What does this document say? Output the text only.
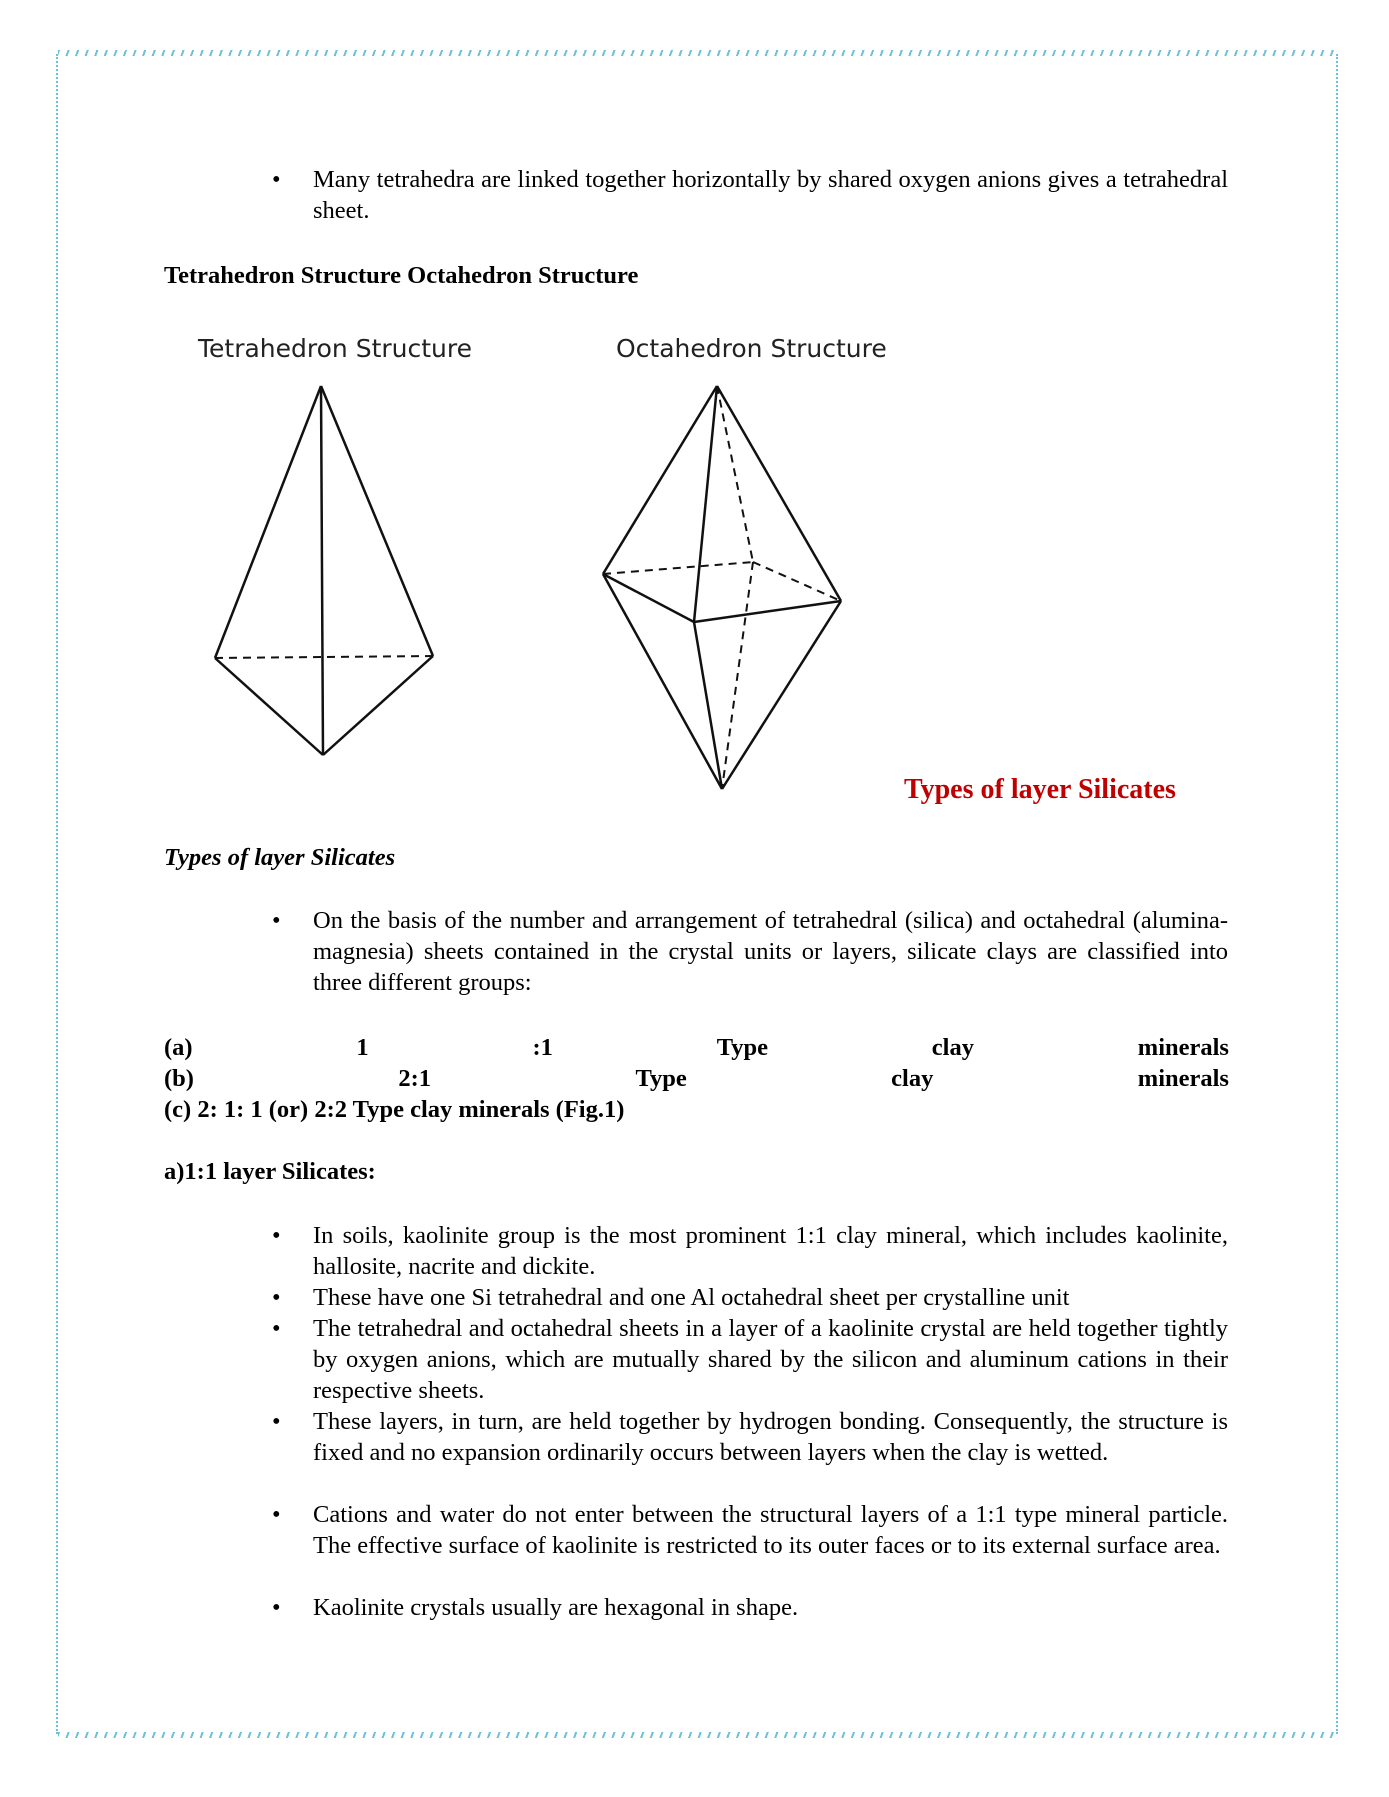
• Many tetrahedra are linked together horizontally by shared oxygen anions gives a tetrahedral sheet.
Tetrahedron Structure Octahedron Structure
Tetrahedron Structure	Octahedron Structure
Types of layer Silicates
Types of layer Silicates
• On the basis of the number and arrangement of tetrahedral (silica) and octahedral (alumina-magnesia) sheets contained in the crystal units or layers, silicate clays are classified into three different groups:
(a)	1	:1	Type	clay	minerals
(b)	2:1	Type	clay	minerals
(c) 2: 1: 1 (or) 2:2 Type clay minerals (Fig.1)
a)1:1 layer Silicates:
• In soils, kaolinite group is the most prominent 1:1 clay mineral, which includes kaolinite, hallosite, nacrite and dickite.
• These have one Si tetrahedral and one Al octahedral sheet per crystalline unit
• The tetrahedral and octahedral sheets in a layer of a kaolinite crystal are held together tightly by oxygen anions, which are mutually shared by the silicon and aluminum cations in their respective sheets.
• These layers, in turn, are held together by hydrogen bonding. Consequently, the structure is fixed and no expansion ordinarily occurs between layers when the clay is wetted.
• Cations and water do not enter between the structural layers of a 1:1 type mineral particle. The effective surface of kaolinite is restricted to its outer faces or to its external surface area.
• Kaolinite crystals usually are hexagonal in shape.
